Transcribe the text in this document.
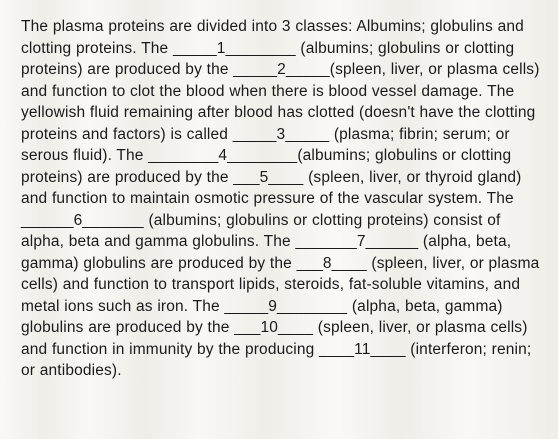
The plasma proteins are divided into 3 classes: Albumins; globulins and clotting proteins. The _____1________ (albumins; globulins or clotting proteins) are produced by the _____2_____(spleen, liver, or plasma cells) and function to clot the blood when there is blood vessel damage. The yellowish fluid remaining after blood has clotted (doesn't have the clotting proteins and factors) is called _____3_____ (plasma; fibrin; serum; or serous fluid). The ________4________(albumins; globulins or clotting proteins) are produced by the ___5____ (spleen, liver, or thyroid gland) and function to maintain osmotic pressure of the vascular system. The ______6_______ (albumins; globulins or clotting proteins) consist of alpha, beta and gamma globulins. The _______7______ (alpha, beta, gamma) globulins are produced by the ___8____ (spleen, liver, or plasma cells) and function to transport lipids, steroids, fat-soluble vitamins, and metal ions such as iron. The _____9________ (alpha, beta, gamma) globulins are produced by the ___10____ (spleen, liver, or plasma cells) and function in immunity by the producing ____11____ (interferon; renin; or antibodies).
